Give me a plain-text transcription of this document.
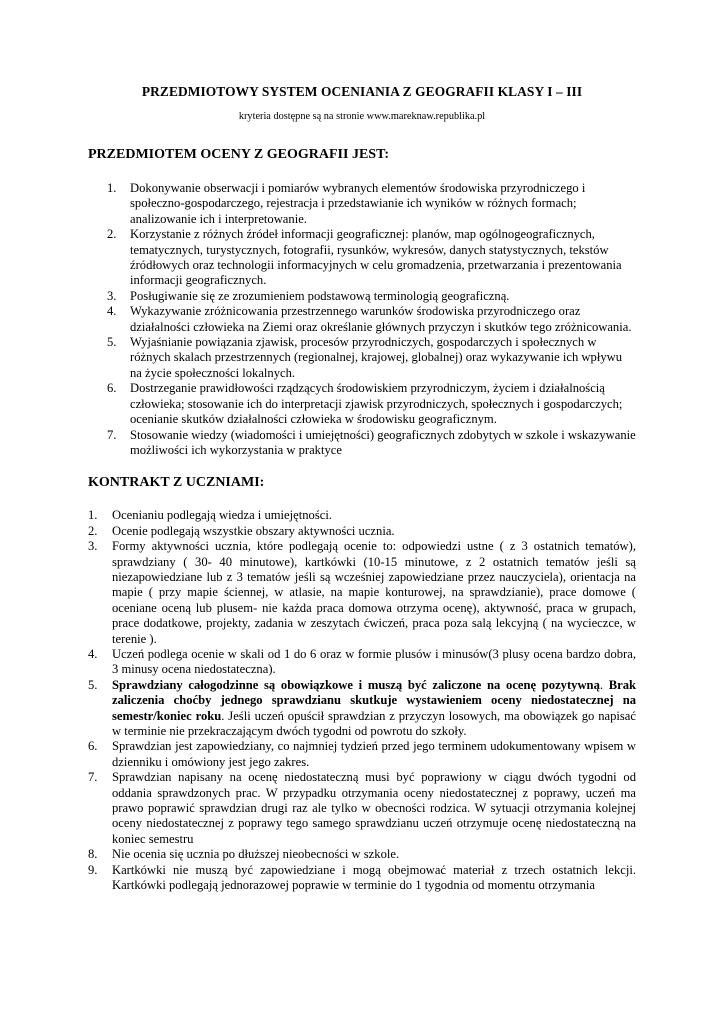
PRZEDMIOTOWY SYSTEM OCENIANIA Z GEOGRAFII KLASY I – III

kryteria dostępne są na stronie www.mareknaw.republika.pl

PRZEDMIOTEM OCENY Z GEOGRAFII JEST:
1. Dokonywanie obserwacji i pomiarów wybranych elementów środowiska przyrodniczego i społeczno-gospodarczego, rejestracja i przedstawianie ich wyników w różnych formach; analizowanie ich i interpretowanie.
2. Korzystanie z różnych źródeł informacji geograficznej: planów, map ogólnogeograficznych, tematycznych, turystycznych, fotografii, rysunków, wykresów, danych statystycznych, tekstów źródłowych oraz technologii informacyjnych w celu gromadzenia, przetwarzania i prezentowania informacji geograficznych.
3. Posługiwanie się ze zrozumieniem podstawową terminologią geograficzną.
4. Wykazywanie zróżnicowania przestrzennego warunków środowiska przyrodniczego oraz działalności człowieka na Ziemi oraz określanie głównych przyczyn i skutków tego zróżnicowania.
5. Wyjaśnianie powiązania zjawisk, procesów przyrodniczych, gospodarczych i społecznych w różnych skalach przestrzennych (regionalnej, krajowej, globalnej) oraz wykazywanie ich wpływu na życie społeczności lokalnych.
6. Dostrzeganie prawidłowości rządzących środowiskiem przyrodniczym, życiem i działalnością człowieka; stosowanie ich do interpretacji zjawisk przyrodniczych, społecznych i gospodarczych; ocenianie skutków działalności człowieka w środowisku geograficznym.
7. Stosowanie wiedzy (wiadomości i umiejętności) geograficznych zdobytych w szkole i wskazywanie możliwości ich wykorzystania w praktyce
KONTRAKT Z UCZNIAMI:
1. Ocenianiu podlegają wiedza i umiejętności.
2. Ocenie podlegają wszystkie obszary aktywności ucznia.
3. Formy aktywności ucznia, które podlegają ocenie to: odpowiedzi ustne ( z 3 ostatnich tematów), sprawdziany ( 30- 40 minutowe), kartkówki (10-15 minutowe, z 2 ostatnich tematów jeśli są niezapowiedziane lub z 3 tematów jeśli są wcześniej zapowiedziane przez nauczyciela), orientacja na mapie ( przy mapie ściennej, w atlasie, na mapie konturowej, na sprawdzianie), prace domowe ( oceniane oceną lub plusem- nie każda praca domowa otrzyma ocenę), aktywność, praca w grupach, prace dodatkowe, projekty, zadania w zeszytach ćwiczeń, praca poza salą lekcyjną ( na wycieczce, w terenie ).
4. Uczeń podlega ocenie w skali od 1 do 6 oraz w formie plusów i minusów(3 plusy ocena bardzo dobra, 3 minusy ocena niedostateczna).
5. Sprawdziany całogodzinne są obowiązkowe i muszą być zaliczone na ocenę pozytywną. Brak zaliczenia choćby jednego sprawdzianu skutkuje wystawieniem oceny niedostatecznej na semestr/koniec roku. Jeśli uczeń opuścił sprawdzian z przyczyn losowych, ma obowiązek go napisać w terminie nie przekraczającym dwóch tygodni od powrotu do szkoły.
6. Sprawdzian jest zapowiedziany, co najmniej tydzień przed jego terminem udokumentowany wpisem w dzienniku i omówiony jest jego zakres.
7. Sprawdzian napisany na ocenę niedostateczną musi być poprawiony w ciągu dwóch tygodni od oddania sprawdzonych prac. W przypadku otrzymania oceny niedostatecznej z poprawy, uczeń ma prawo poprawić sprawdzian drugi raz ale tylko w obecności rodzica. W sytuacji otrzymania kolejnej oceny niedostatecznej z poprawy tego samego sprawdzianu uczeń otrzymuje ocenę niedostateczną na koniec semestru
8. Nie ocenia się ucznia po dłuższej nieobecności w szkole.
9. Kartkówki nie muszą być zapowiedziane i mogą obejmować materiał z trzech ostatnich lekcji. Kartkówki podlegają jednorazowej poprawie w terminie do 1 tygodnia od momentu otrzymania
